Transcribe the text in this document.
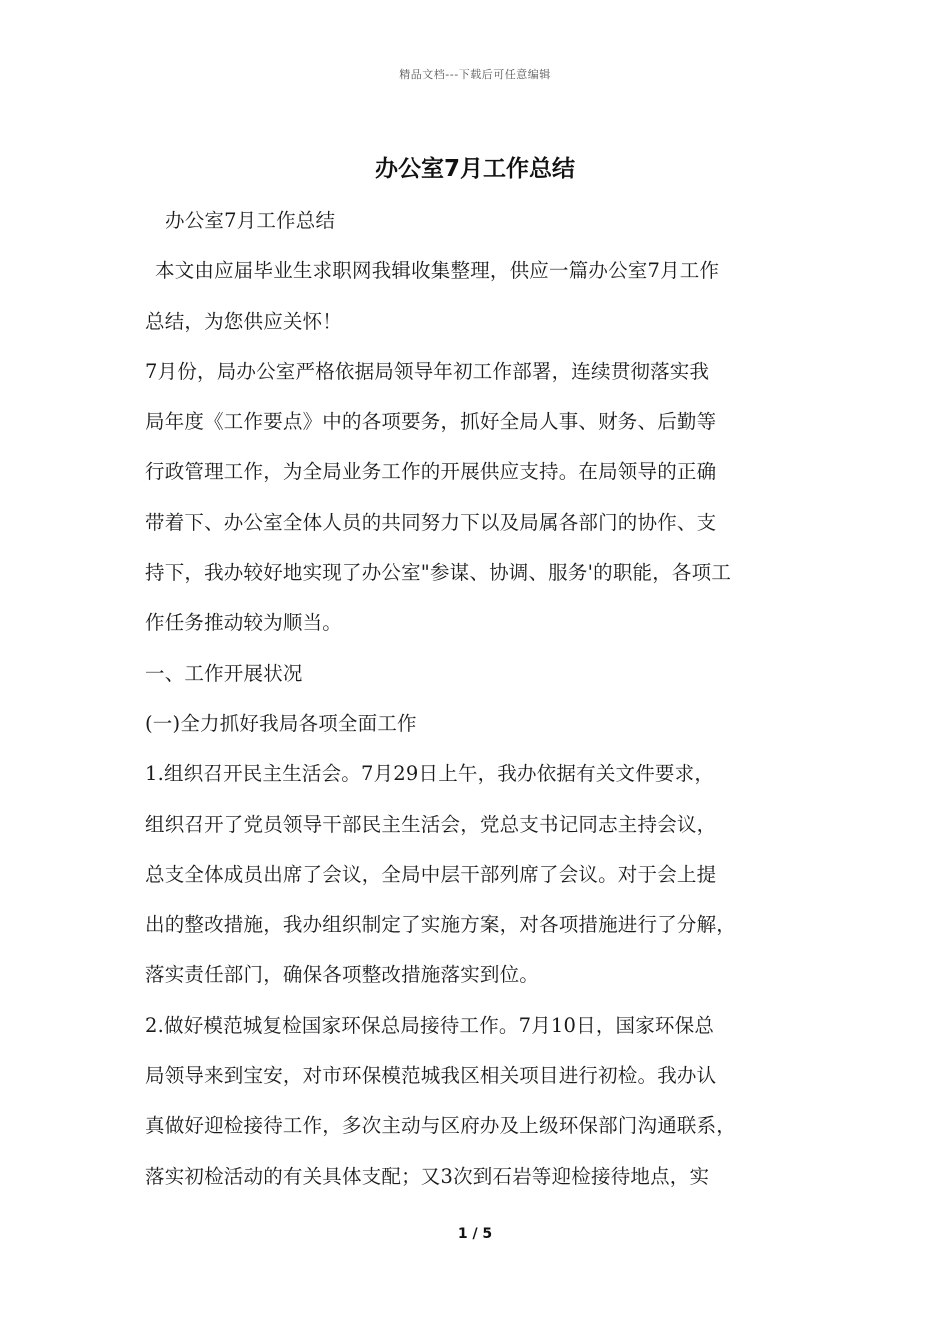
精品文档---下载后可任意编辑
办公室7月工作总结
办公室7月工作总结
本文由应届毕业生求职网我辑收集整理，供应一篇办公室7月工作
总结，为您供应关怀！
7月份，局办公室严格依据局领导年初工作部署，连续贯彻落实我
局年度《工作要点》中的各项要务，抓好全局人事、财务、后勤等
行政管理工作，为全局业务工作的开展供应支持。在局领导的正确
带着下、办公室全体人员的共同努力下以及局属各部门的协作、支
持下，我办较好地实现了办公室"参谋、协调、服务'的职能，各项工
作任务推动较为顺当。
一、工作开展状况
(一)全力抓好我局各项全面工作
1.组织召开民主生活会。7月29日上午，我办依据有关文件要求，
组织召开了党员领导干部民主生活会，党总支书记同志主持会议，
总支全体成员出席了会议，全局中层干部列席了会议。对于会上提
出的整改措施，我办组织制定了实施方案，对各项措施进行了分解，
落实责任部门，确保各项整改措施落实到位。
2.做好模范城复检国家环保总局接待工作。7月10日，国家环保总
局领导来到宝安，对市环保模范城我区相关项目进行初检。我办认
真做好迎检接待工作，多次主动与区府办及上级环保部门沟通联系，
落实初检活动的有关具体支配；又3次到石岩等迎检接待地点，实
1 / 5
